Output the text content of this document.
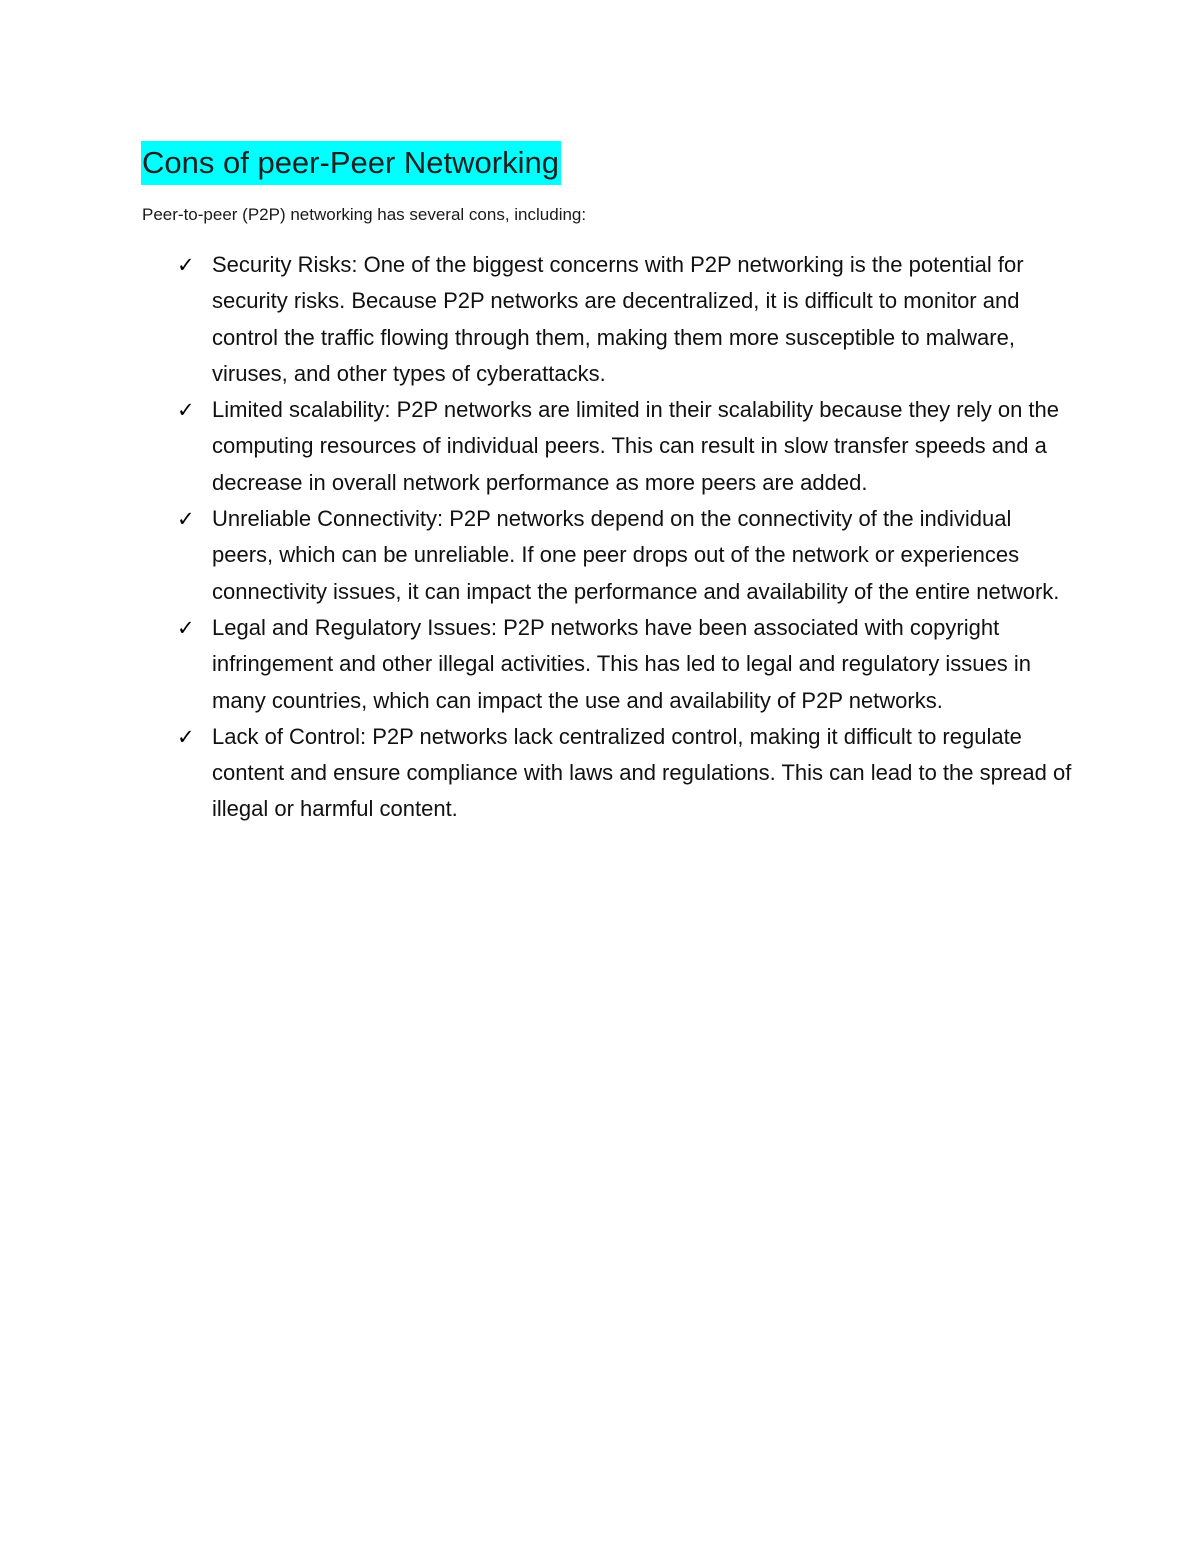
Cons of peer-Peer Networking

Peer-to-peer (P2P) networking has several cons, including:

✓ Security Risks: One of the biggest concerns with P2P networking is the potential for security risks. Because P2P networks are decentralized, it is difficult to monitor and control the traffic flowing through them, making them more susceptible to malware, viruses, and other types of cyberattacks.
✓ Limited scalability: P2P networks are limited in their scalability because they rely on the computing resources of individual peers. This can result in slow transfer speeds and a decrease in overall network performance as more peers are added.
✓ Unreliable Connectivity: P2P networks depend on the connectivity of the individual peers, which can be unreliable. If one peer drops out of the network or experiences connectivity issues, it can impact the performance and availability of the entire network.
✓ Legal and Regulatory Issues: P2P networks have been associated with copyright infringement and other illegal activities. This has led to legal and regulatory issues in many countries, which can impact the use and availability of P2P networks.
✓ Lack of Control: P2P networks lack centralized control, making it difficult to regulate content and ensure compliance with laws and regulations. This can lead to the spread of illegal or harmful content.
